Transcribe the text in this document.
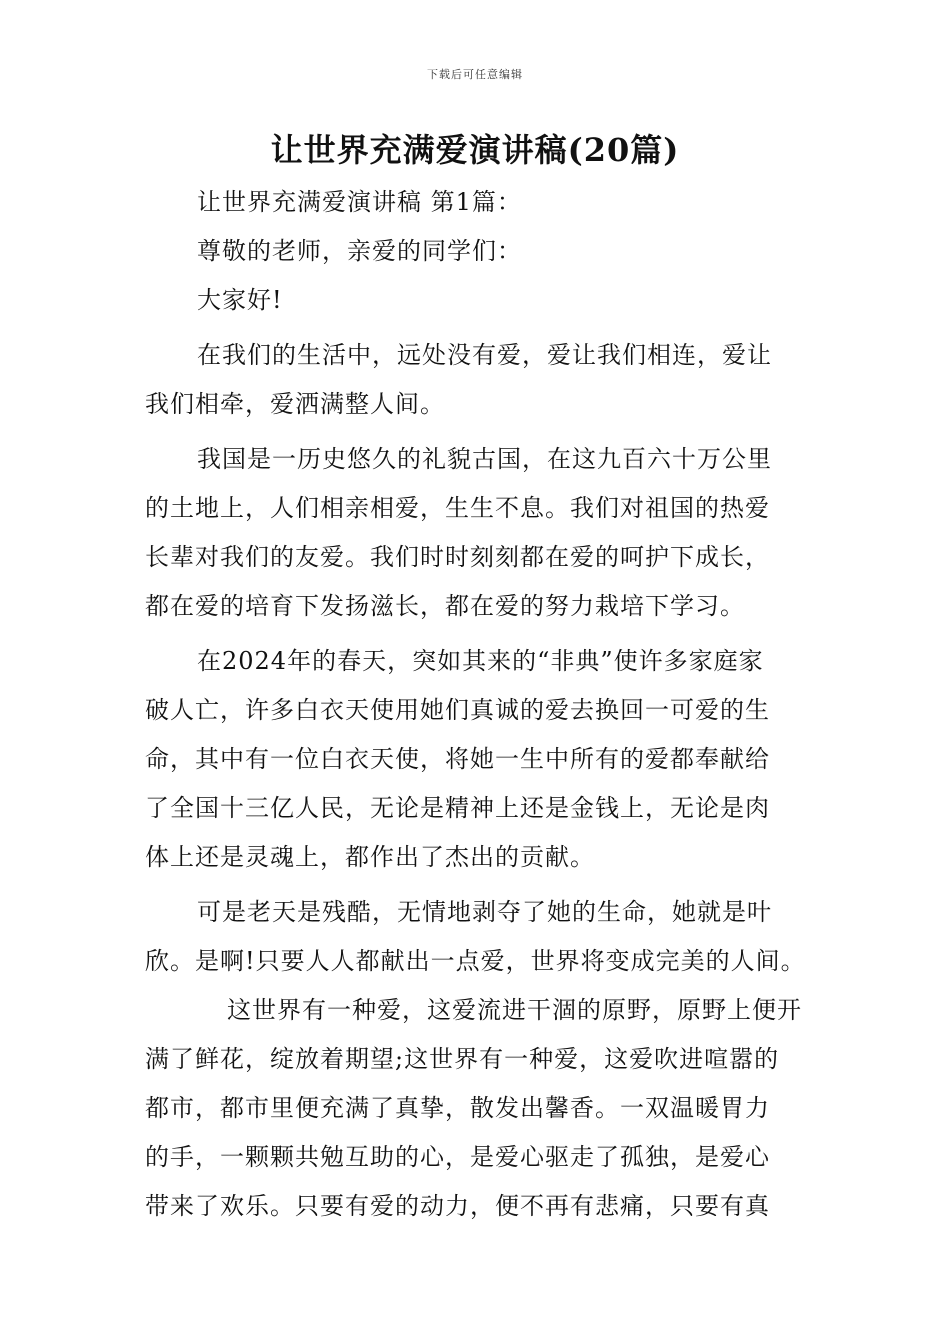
下载后可任意编辑
让世界充满爱演讲稿(20篇)
让世界充满爱演讲稿 第1篇：
尊敬的老师，亲爱的同学们：
大家好!
在我们的生活中，远处没有爱，爱让我们相连，爱让
我们相牵，爱洒满整人间。
我国是一历史悠久的礼貌古国，在这九百六十万公里
的土地上，人们相亲相爱，生生不息。我们对祖国的热爱
长辈对我们的友爱。我们时时刻刻都在爱的呵护下成长，
都在爱的培育下发扬滋长，都在爱的努力栽培下学习。
在2024年的春天，突如其来的“非典”使许多家庭家
破人亡，许多白衣天使用她们真诚的爱去换回一可爱的生
命，其中有一位白衣天使，将她一生中所有的爱都奉献给
了全国十三亿人民，无论是精神上还是金钱上，无论是肉
体上还是灵魂上，都作出了杰出的贡献。
可是老天是残酷，无情地剥夺了她的生命，她就是叶
欣。是啊!只要人人都献出一点爱，世界将变成完美的人间。
这世界有一种爱，这爱流进干涸的原野，原野上便开
满了鲜花，绽放着期望;这世界有一种爱，这爱吹进喧嚣的
都市，都市里便充满了真挚，散发出馨香。一双温暖胃力
的手，一颗颗共勉互助的心，是爱心驱走了孤独，是爱心
带来了欢乐。只要有爱的动力，便不再有悲痛，只要有真
